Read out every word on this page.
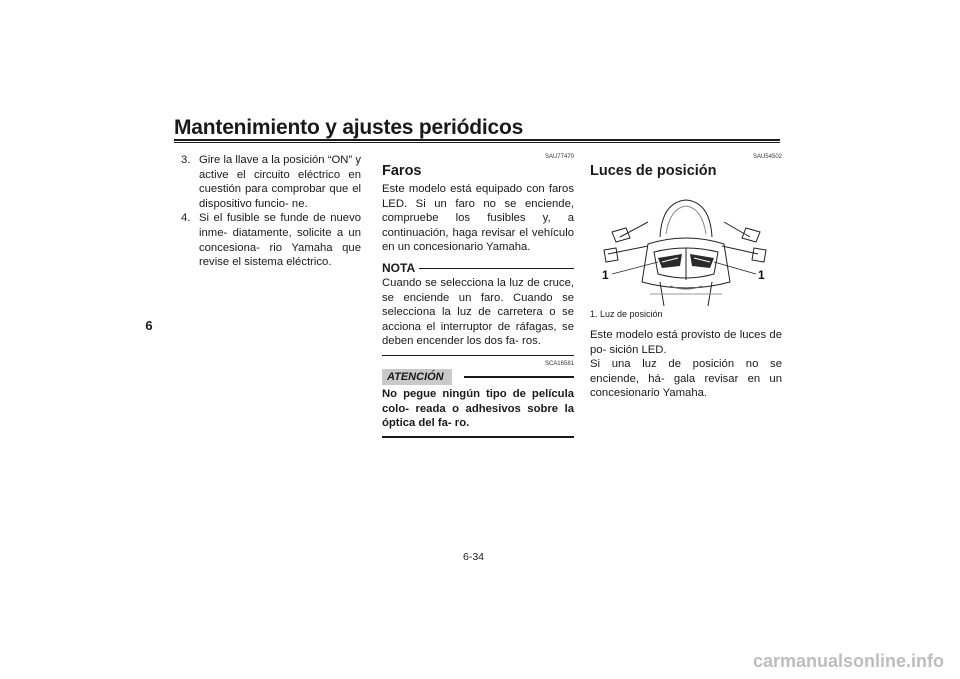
Mantenimiento y ajustes periódicos
6
3. Gire la llave a la posición “ON” y active el circuito eléctrico en cuestión para comprobar que el dispositivo funcio- ne.
4. Si el fusible se funde de nuevo inme- diatamente, solicite a un concesiona- rio Yamaha que revise el sistema eléctrico.
SAU77470
Faros
Este modelo está equipado con faros LED. Si un faro no se enciende, compruebe los fusibles y, a continuación, haga revisar el vehículo en un concesionario Yamaha.
NOTA
Cuando se selecciona la luz de cruce, se enciende un faro. Cuando se selecciona la luz de carretera o se acciona el interruptor de ráfagas, se deben encender los dos fa- ros.
SCA16581
ATENCIÓN
No pegue ningún tipo de película colo- reada o adhesivos sobre la óptica del fa- ro.
SAU54502
Luces de posición
1	1
1. Luz de posición
Este modelo está provisto de luces de po- sición LED.
Si una luz de posición no se enciende, há- gala revisar en un concesionario Yamaha.
6-34
carmanualsonline.info
